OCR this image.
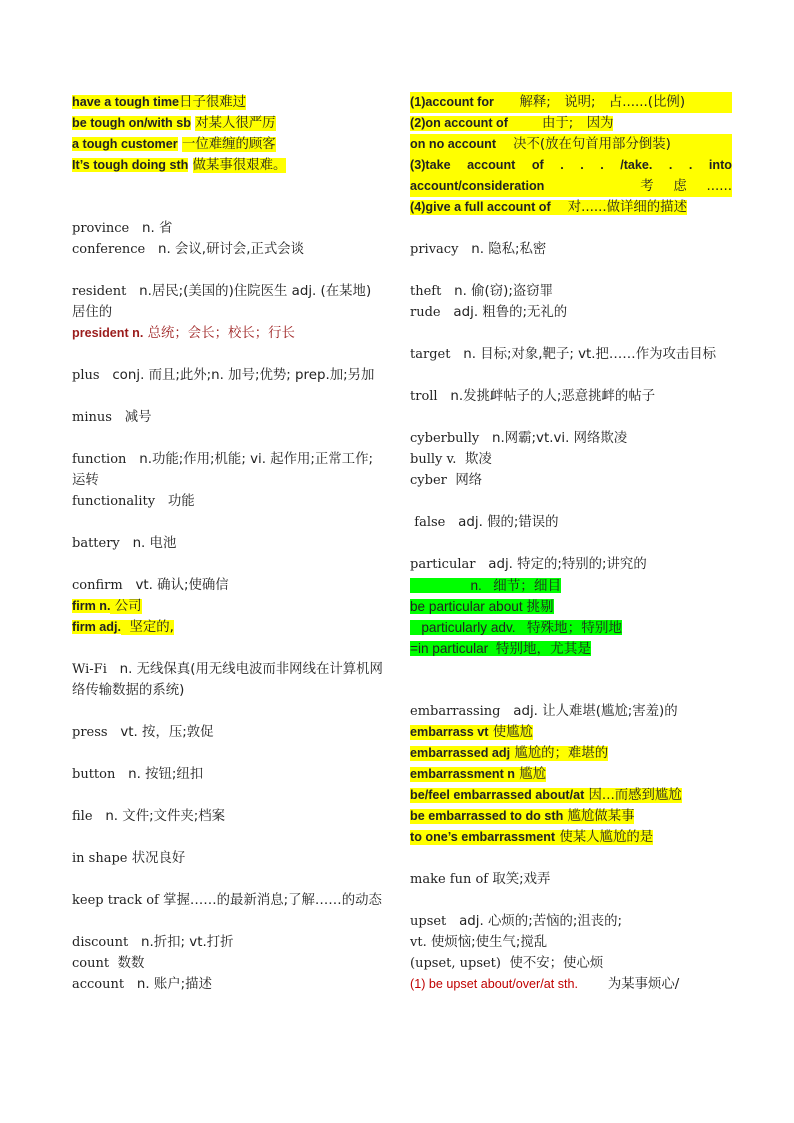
have a tough time日子很难过
be tough on/with sb 对某人很严厉
a tough customer 一位难缠的顾客
It’s tough doing sth 做某事很艰难。
province n. 省
conference n. 会议,研讨会,正式会谈
resident n.居民;(美国的)住院医生 adj. (在某地)居住的
president n. 总统；会长；校长；行长
plus conj. 而且;此外;n. 加号;优势; prep.加;另加
minus 减号
function n.功能;作用;机能; vi. 起作用;正常工作;运转
functionality 功能
battery n. 电池
confirm vt. 确认;使确信
firm n. 公司
firm adj. 坚定的,
Wi-Fi n. 无线保真(用无线电波而非网线在计算机网络传输数据的系统)
press vt. 按，压;敦促
button n. 按钮;纽扣
file n. 文件;文件夹;档案
in shape 状况良好
keep track of 掌握……的最新消息;了解……的动态
discount n.折扣; vt.打折
count 数数
account n. 账户;描述
(1)account for 解释;　说明;　占......(比例)
(2)on account of	由于;　因为
on no account 决不(放在句首用部分倒装)
(3)take account of . . . /take. . . into account/consideration	考虑......
(4)give a full account of 对......做详细的描述
privacy n. 隐私;私密
theft n. 偷(窃);盗窃罪
rude adj. 粗鲁的;无礼的
target n. 目标;对象,靶子; vt.把……作为攻击目标
troll n.发挑衅帖子的人;恶意挑衅的帖子
cyberbully n.网霸;vt.vi. 网络欺凌
bully v. 欺凌
cyber 网络
false adj. 假的;错误的
particular adj. 特定的;特别的;讲究的
n. 细节；细目
be particular about 挑剔
particularly adv. 特殊地；特别地
=in particular 特别地，尤其是
embarrassing adj. 让人难堪(尴尬;害羞)的
embarrass vt 使尴尬
embarrassed adj 尴尬的；难堪的
embarrassment n 尴尬
be/feel embarrassed about/at 因...而感到尴尬
be embarrassed to do sth 尴尬做某事
to one’s embarrassment 使某人尴尬的是
make fun of 取笑;戏弄
upset adj. 心烦的;苦恼的;沮丧的;
vt. 使烦恼;使生气;搅乱
(upset, upset) 使不安；使心烦
(1) be upset about/over/at sth. 为某事烦心/
